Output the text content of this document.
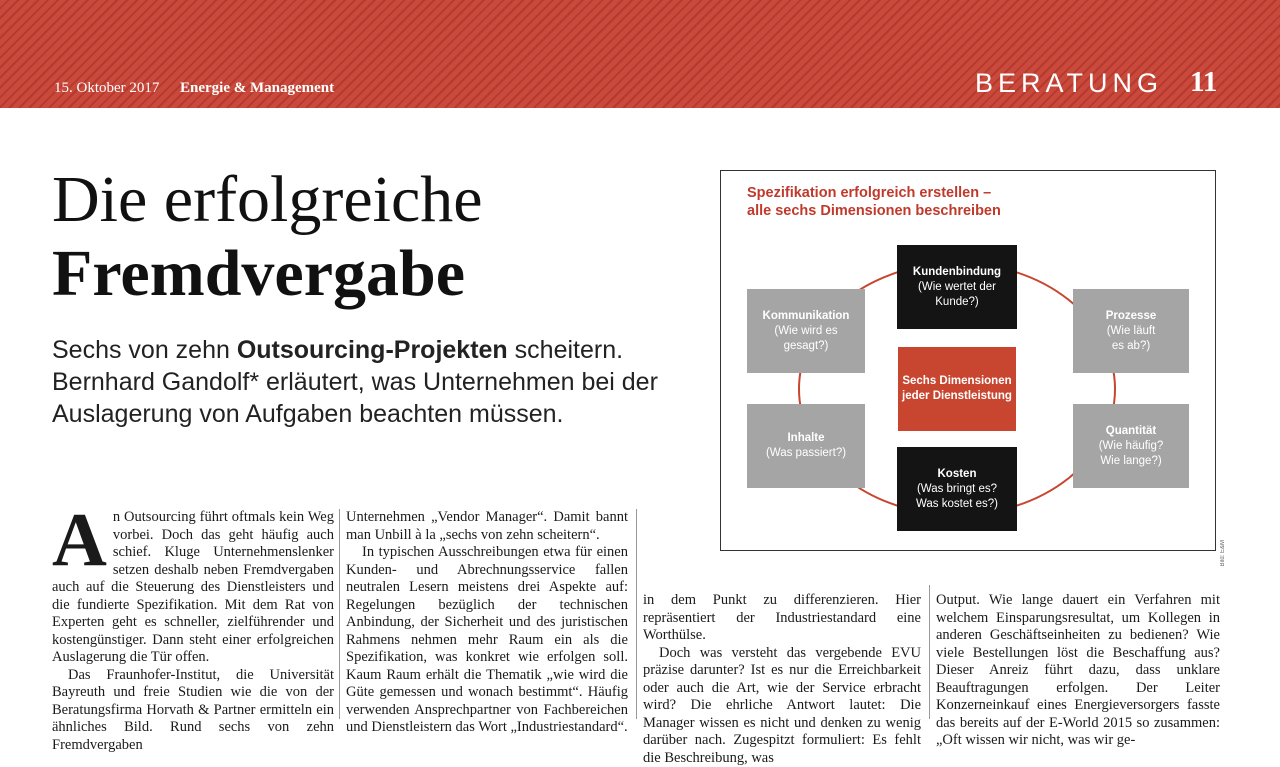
15. Oktober 2017 Energie & Management	BERATUNG 11
Die erfolgreiche
Fremdvergabe
Sechs von zehn Outsourcing-Projekten scheitern. Bernhard Gandolf* erläutert, was Unternehmen bei der Auslagerung von Aufgaben beachten müssen.

An Outsourcing führt oftmals kein Weg vorbei. Doch das geht häufig auch schief. Kluge Unternehmenslenker setzen deshalb neben Fremdvergaben auch auf die Steuerung des Dienstleisters und die fundierte Spezifikation. Mit dem Rat von Experten geht es schneller, zielführender und kostengünstiger. Dann steht einer erfolgreichen Auslagerung die Tür offen.

Das Fraunhofer-Institut, die Universität Bayreuth und freie Studien wie die von der Beratungsfirma Horvath & Partner ermitteln ein ähnliches Bild. Rund sechs von zehn Fremdvergaben

Unternehmen „Vendor Manager“. Damit bannt man Unbill à la „sechs von zehn scheitern“.

In typischen Ausschreibungen etwa für einen Kunden- und Abrechnungsservice fallen neutralen Lesern meistens drei Aspekte auf: Regelungen bezüglich der technischen Anbindung, der Sicherheit und des juristischen Rahmens nehmen mehr Raum ein als die Spezifikation, was konkret wie erfolgen soll. Kaum Raum erhält die Thematik „wie wird die Güte gemessen und wonach bestimmt“. Häufig verwenden Ansprechpartner von Fachbereichen und Dienstleistern das Wort „Industriestandard“.

in dem Punkt zu differenzieren. Hier repräsentiert der Industriestandard eine Worthülse.

Doch was versteht das vergebende EVU präzise darunter? Ist es nur die Erreichbarkeit oder auch die Art, wie der Service erbracht wird? Die ehrliche Antwort lautet: Die Manager wissen es nicht und denken zu wenig darüber nach. Zugespitzt formuliert: Es fehlt die Beschreibung, was

Output. Wie lange dauert ein Verfahren mit welchem Einsparungsresultat, um Kollegen in anderen Geschäftseinheiten zu bedienen? Wie viele Bestellungen löst die Beschaffung aus? Dieser Anreiz führt dazu, dass unklare Beauftragungen erfolgen. Der Leiter Konzerneinkauf eines Energieversorgers fasste das bereits auf der E-World 2015 so zusammen: „Oft wissen wir nicht, was wir ge-

Spezifikation erfolgreich erstellen –
alle sechs Dimensionen beschreiben
Kundenbindung
(Wie wertet der
Kunde?)
Kommunikation
(Wie wird es
gesagt?)
Prozesse
(Wie läuft
es ab?)
Sechs Dimensionen
jeder Dienstleistung
Inhalte
(Was passiert?)
Quantität
(Wie häufig?
Wie lange?)
Kosten
(Was bringt es?
Was kostet es?)
Bild: E&M
